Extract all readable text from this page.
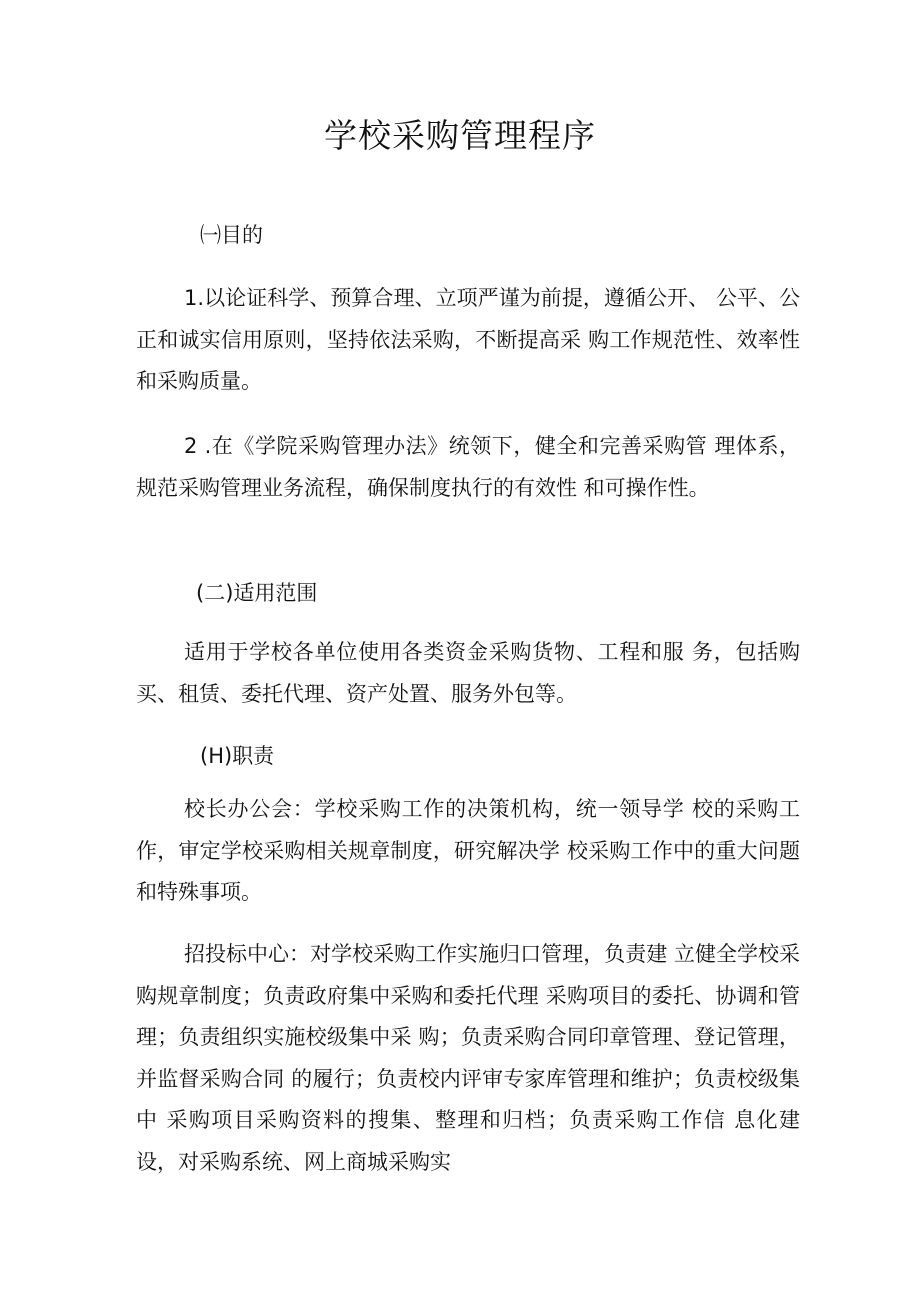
学校采购管理程序

㈠目的

1.以论证科学、预算合理、立项严谨为前提，遵循公开、 公平、公正和诚实信用原则，坚持依法采购，不断提高采 购工作规范性、效率性和采购质量。

2 .在《学院采购管理办法》统领下，健全和完善采购管 理体系，规范采购管理业务流程，确保制度执行的有效性 和可操作性。

(二)适用范围

适用于学校各单位使用各类资金采购货物、工程和服 务，包括购买、租赁、委托代理、资产处置、服务外包等。

(H)职责

校长办公会：学校采购工作的决策机构，统一领导学 校的采购工作，审定学校采购相关规章制度，研究解决学 校采购工作中的重大问题和特殊事项。

招投标中心：对学校采购工作实施归口管理，负责建 立健全学校采购规章制度；负责政府集中采购和委托代理 采购项目的委托、协调和管理；负责组织实施校级集中采 购；负责采购合同印章管理、登记管理，并监督采购合同 的履行；负责校内评审专家库管理和维护；负责校级集中 采购项目采购资料的搜集、整理和归档；负责采购工作信 息化建设，对采购系统、网上商城采购实
